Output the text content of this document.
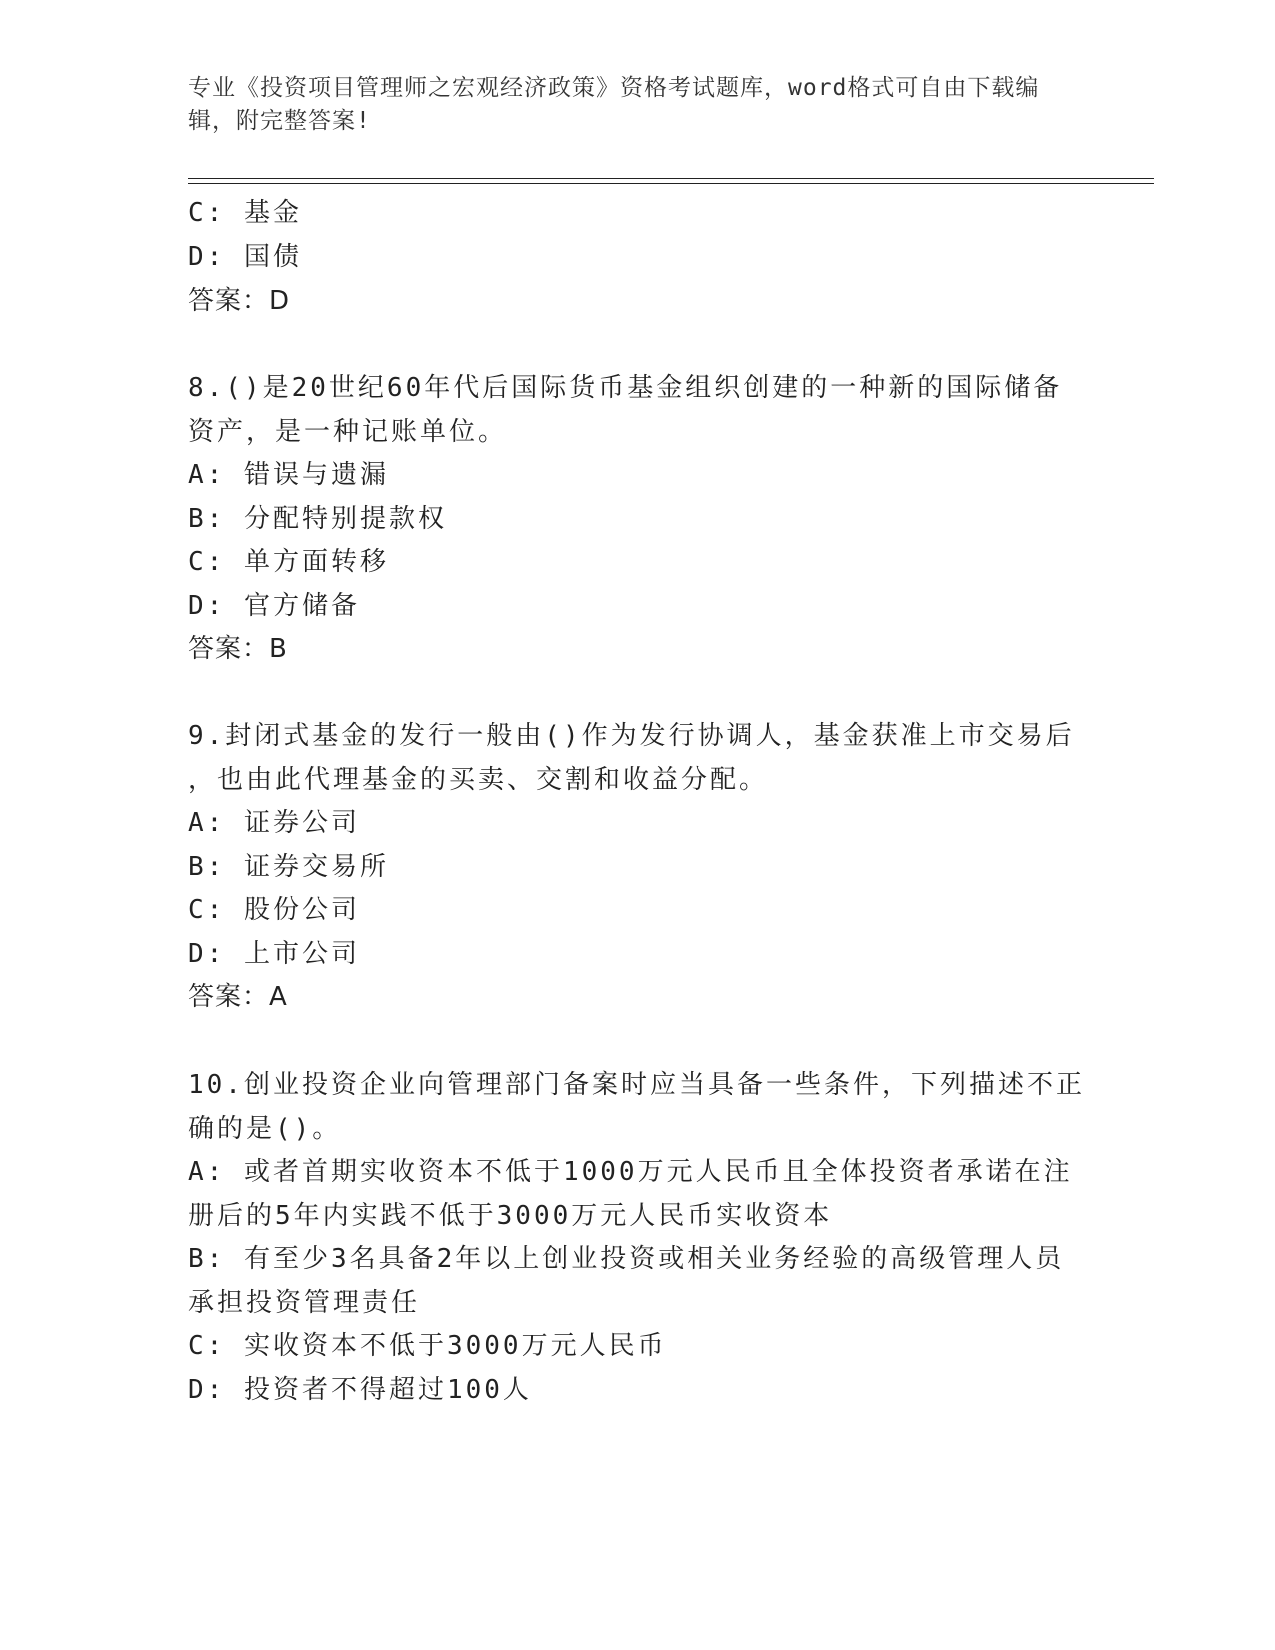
专业《投资项目管理师之宏观经济政策》资格考试题库，word格式可自由下载编
辑，附完整答案!
C: 基金
D: 国债
答案：D
8.()是20世纪60年代后国际货币基金组织创建的一种新的国际储备
资产，是一种记账单位。
A: 错误与遗漏
B: 分配特别提款权
C: 单方面转移
D: 官方储备
答案：B
9.封闭式基金的发行一般由()作为发行协调人，基金获准上市交易后
，也由此代理基金的买卖、交割和收益分配。
A: 证券公司
B: 证券交易所
C: 股份公司
D: 上市公司
答案：A
10.创业投资企业向管理部门备案时应当具备一些条件，下列描述不正
确的是()。
A: 或者首期实收资本不低于1000万元人民币且全体投资者承诺在注
册后的5年内实践不低于3000万元人民币实收资本
B: 有至少3名具备2年以上创业投资或相关业务经验的高级管理人员
承担投资管理责任
C: 实收资本不低于3000万元人民币
D: 投资者不得超过100人
